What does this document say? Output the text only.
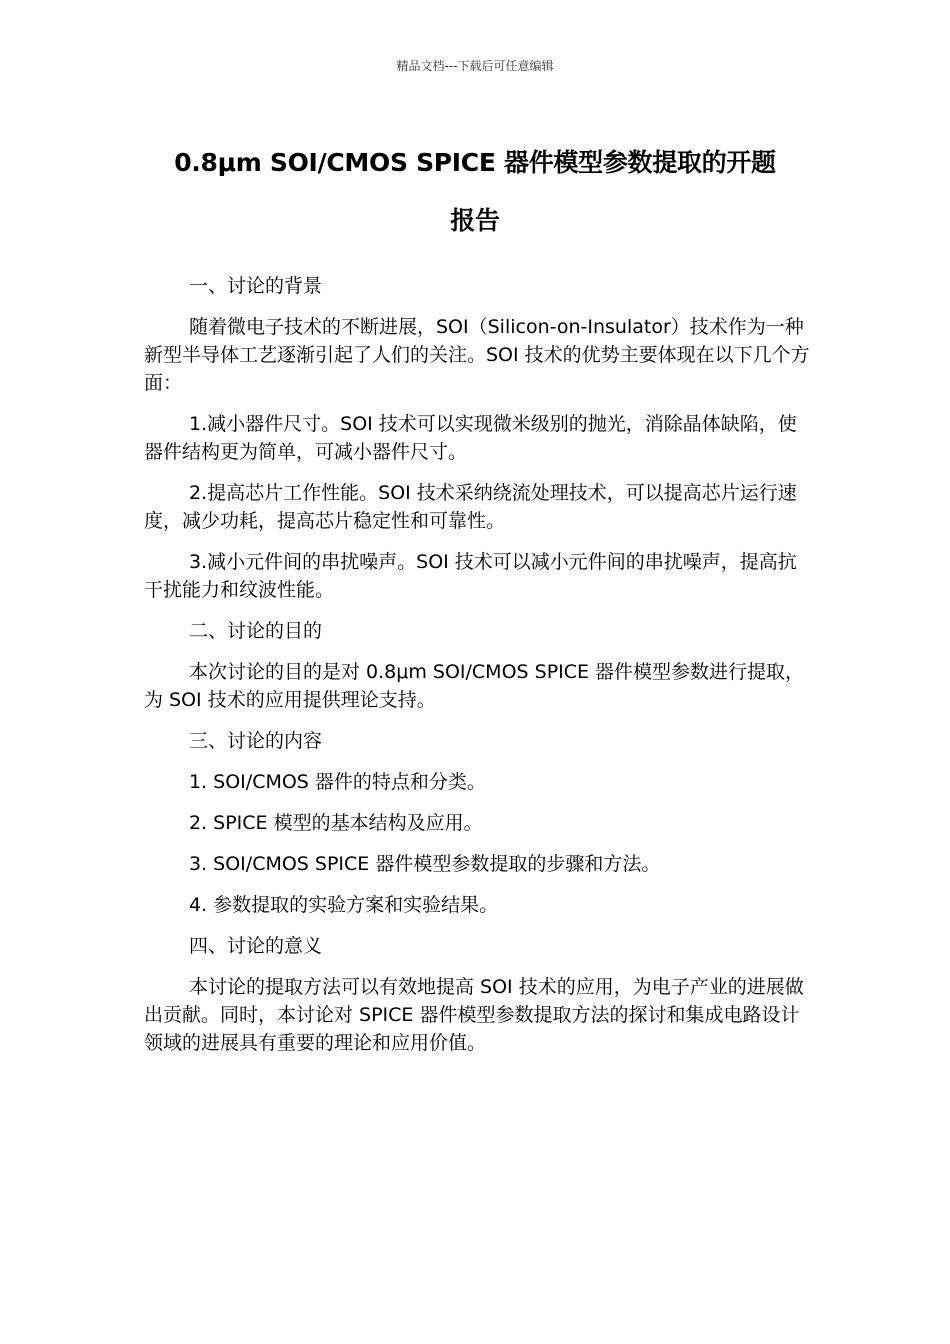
精品文档---下载后可任意编辑
0.8μm SOI/CMOS SPICE 器件模型参数提取的开题
报告

一、讨论的背景

随着微电子技术的不断进展，SOI（Silicon-on-Insulator）技术作为一种新型半导体工艺逐渐引起了人们的关注。SOI 技术的优势主要体现在以下几个方面：

1.减小器件尺寸。SOI 技术可以实现微米级别的抛光，消除晶体缺陷，使器件结构更为简单，可减小器件尺寸。

2.提高芯片工作性能。SOI 技术采纳绕流处理技术，可以提高芯片运行速度，减少功耗，提高芯片稳定性和可靠性。

3.减小元件间的串扰噪声。SOI 技术可以减小元件间的串扰噪声，提高抗干扰能力和纹波性能。

二、讨论的目的

本次讨论的目的是对 0.8μm SOI/CMOS SPICE 器件模型参数进行提取，为 SOI 技术的应用提供理论支持。

三、讨论的内容

1. SOI/CMOS 器件的特点和分类。

2. SPICE 模型的基本结构及应用。

3. SOI/CMOS SPICE 器件模型参数提取的步骤和方法。

4. 参数提取的实验方案和实验结果。

四、讨论的意义

本讨论的提取方法可以有效地提高 SOI 技术的应用，为电子产业的进展做出贡献。同时，本讨论对 SPICE 器件模型参数提取方法的探讨和集成电路设计领域的进展具有重要的理论和应用价值。
